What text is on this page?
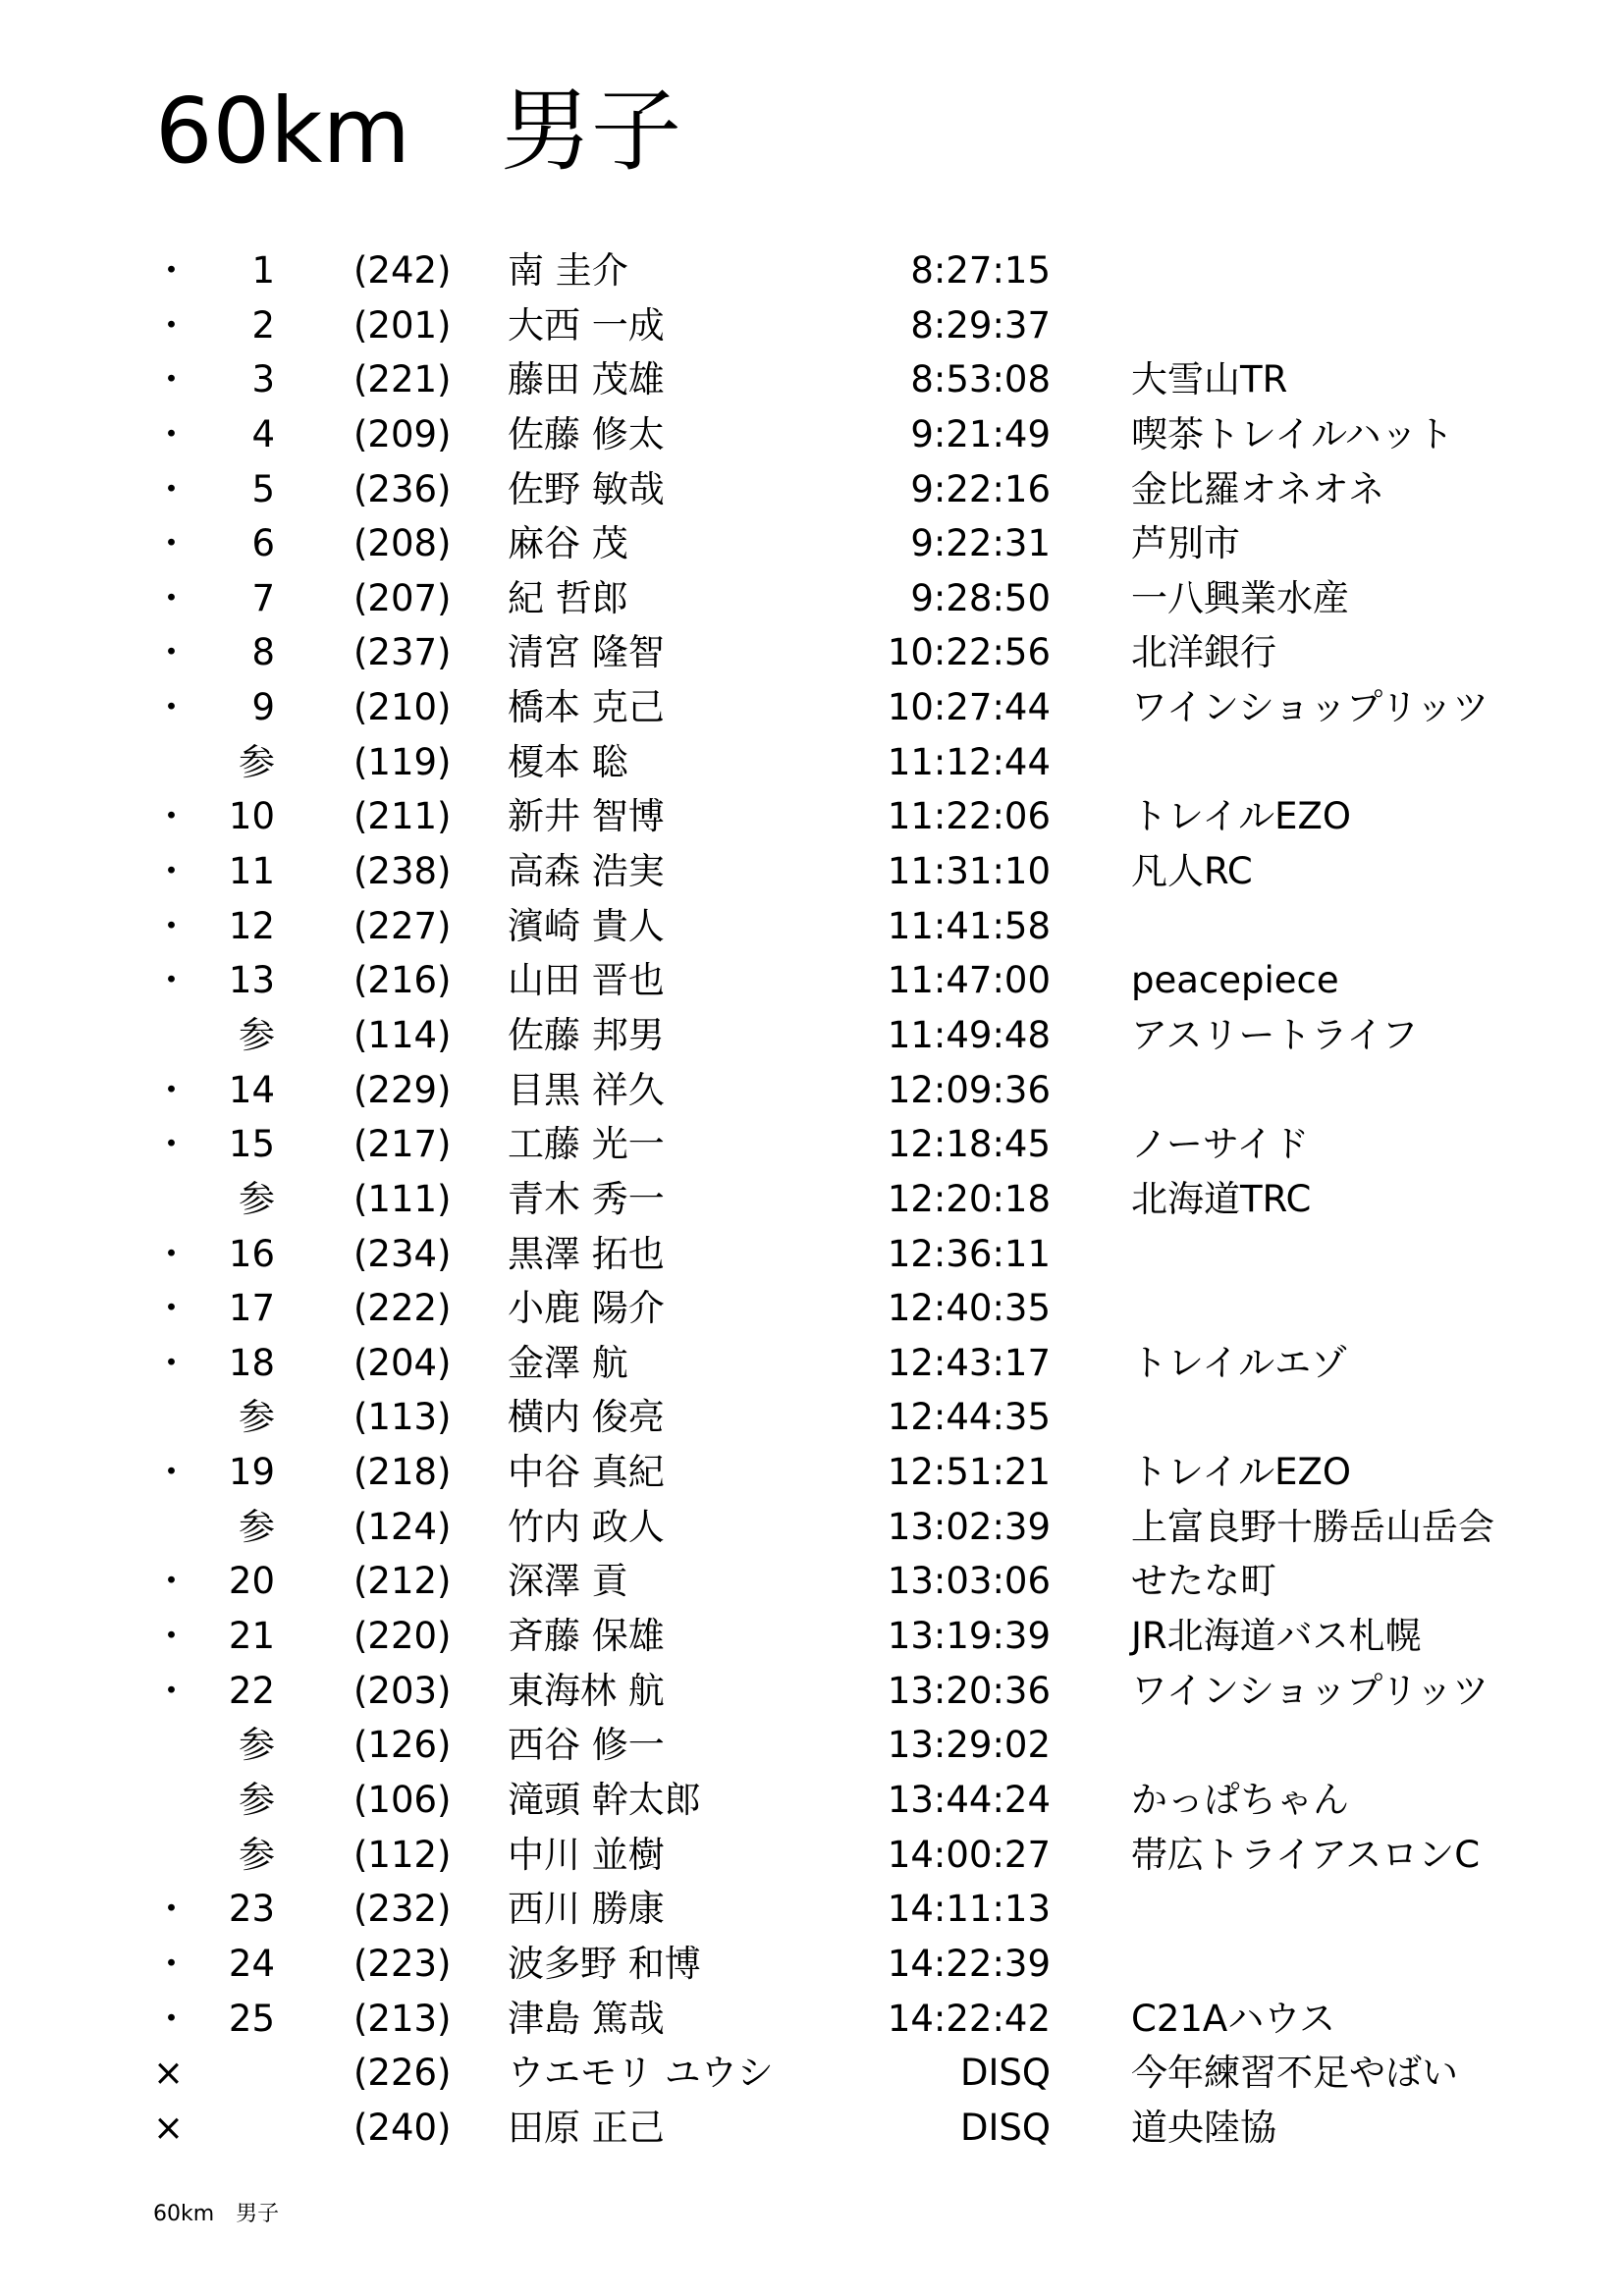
60km　男子
・	1 (242) 南 圭介	8:27:15
・	2 (201) 大西 一成	8:29:37
・	3 (221) 藤田 茂雄	8:53:08 大雪山TR
・	4 (209) 佐藤 修太	9:21:49 喫茶トレイルハット
・	5 (236) 佐野 敏哉	9:22:16 金比羅オネオネ
・	6 (208) 麻谷 茂	9:22:31 芦別市
・	7 (207) 紀 哲郎	9:28:50 一八興業水産
・	8 (237) 清宮 隆智	10:22:56 北洋銀行
・	9 (210) 橋本 克己	10:27:44 ワインショップリッツ
参 (119) 榎本 聡	11:12:44
・	10 (211) 新井 智博	11:22:06 トレイルEZO
・	11 (238) 高森 浩実	11:31:10 凡人RC
・	12 (227) 濱崎 貴人	11:41:58
・	13 (216) 山田 晋也	11:47:00 peacepiece
参 (114) 佐藤 邦男	11:49:48 アスリートライフ
・	14 (229) 目黒 祥久	12:09:36
・	15 (217) 工藤 光一	12:18:45 ノーサイド
参 (111) 青木 秀一	12:20:18 北海道TRC
・	16 (234) 黒澤 拓也	12:36:11
・	17 (222) 小鹿 陽介	12:40:35
・	18 (204) 金澤 航	12:43:17 トレイルエゾ
参 (113) 横内 俊亮	12:44:35
・	19 (218) 中谷 真紀	12:51:21 トレイルEZO
参 (124) 竹内 政人	13:02:39 上富良野十勝岳山岳会
・	20 (212) 深澤 貢	13:03:06 せたな町
・	21 (220) 斉藤 保雄	13:19:39 JR北海道バス札幌
・	22 (203) 東海林 航	13:20:36 ワインショップリッツ
参 (126) 西谷 修一	13:29:02
参 (106) 滝頭 幹太郎	13:44:24 かっぱちゃん
参 (112) 中川 並樹	14:00:27 帯広トライアスロンC
・	23 (232) 西川 勝康	14:11:13
・	24 (223) 波多野 和博	14:22:39
・	25 (213) 津島 篤哉	14:22:42 C21Aハウス
×	(226) ウエモリ ユウシ	DISQ 今年練習不足やばい
×	(240) 田原 正己	DISQ 道央陸協
60km　男子
